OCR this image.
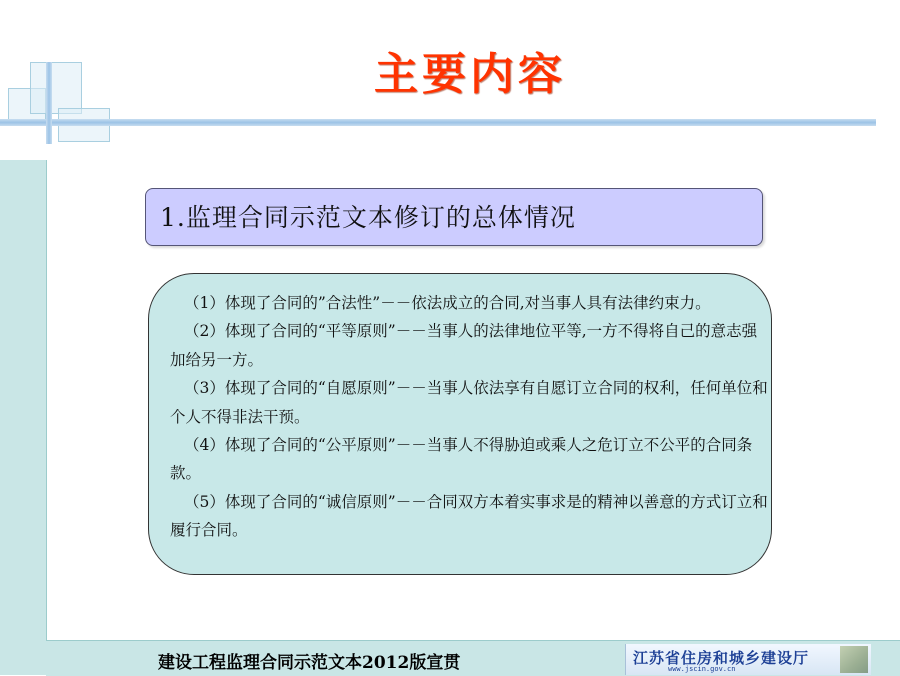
主要内容
1.监理合同示范文本修订的总体情况

（1）体现了合同的”合法性”－－依法成立的合同,对当事人具有法律约束力。

（2）体现了合同的“平等原则”－－当事人的法律地位平等,一方不得将自己的意志强加给另一方。

（3）体现了合同的“自愿原则”－－当事人依法享有自愿订立合同的权利，任何单位和个人不得非法干预。

（4）体现了合同的“公平原则”－－当事人不得胁迫或乘人之危订立不公平的合同条款。

（5）体现了合同的“诚信原则”－－合同双方本着实事求是的精神以善意的方式订立和履行合同。

建设工程监理合同示范文本2012版宣贯	江苏省住房和城乡建设厅
www.jscin.gov.cn
